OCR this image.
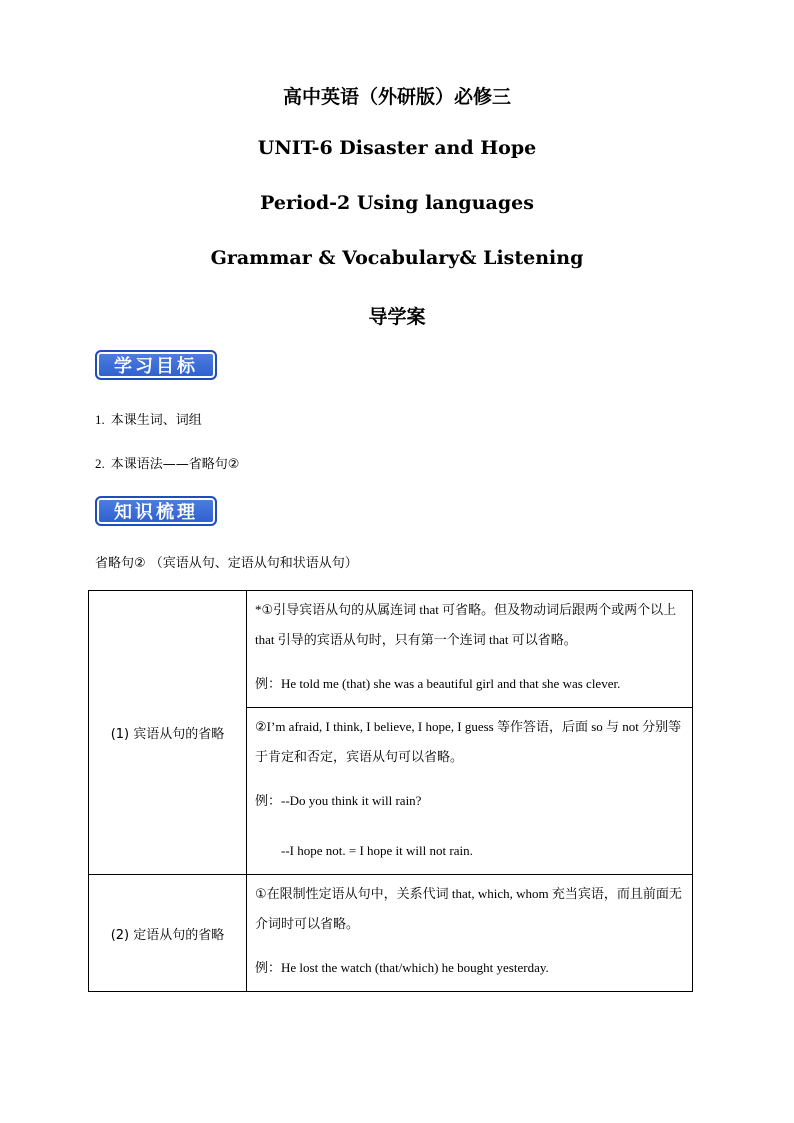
高中英语（外研版）必修三
UNIT-6 Disaster and Hope
Period-2 Using languages
Grammar & Vocabulary& Listening
导学案
学习目标
1. 本课生词、词组
2. 本课语法——省略句②
知识梳理
省略句② （宾语从句、定语从句和状语从句）
(1) 宾语从句的省略	*①引导宾语从句的从属连词 that 可省略。但及物动词后跟两个或两个以上 that 引导的宾语从句时，只有第一个连词 that 可以省略。
例：He told me (that) she was a beautiful girl and that she was clever.

	②I’m afraid, I think, I believe, I hope, I guess 等作答语，后面 so 与 not 分别等于肯定和否定，宾语从句可以省略。
例：--Do you think it will rain?
--I hope not. = I hope it will not rain.

(2) 定语从句的省略	①在限制性定语从句中，关系代词 that, which, whom 充当宾语，而且前面无介词时可以省略。
例：He lost the watch (that/which) he bought yesterday.
